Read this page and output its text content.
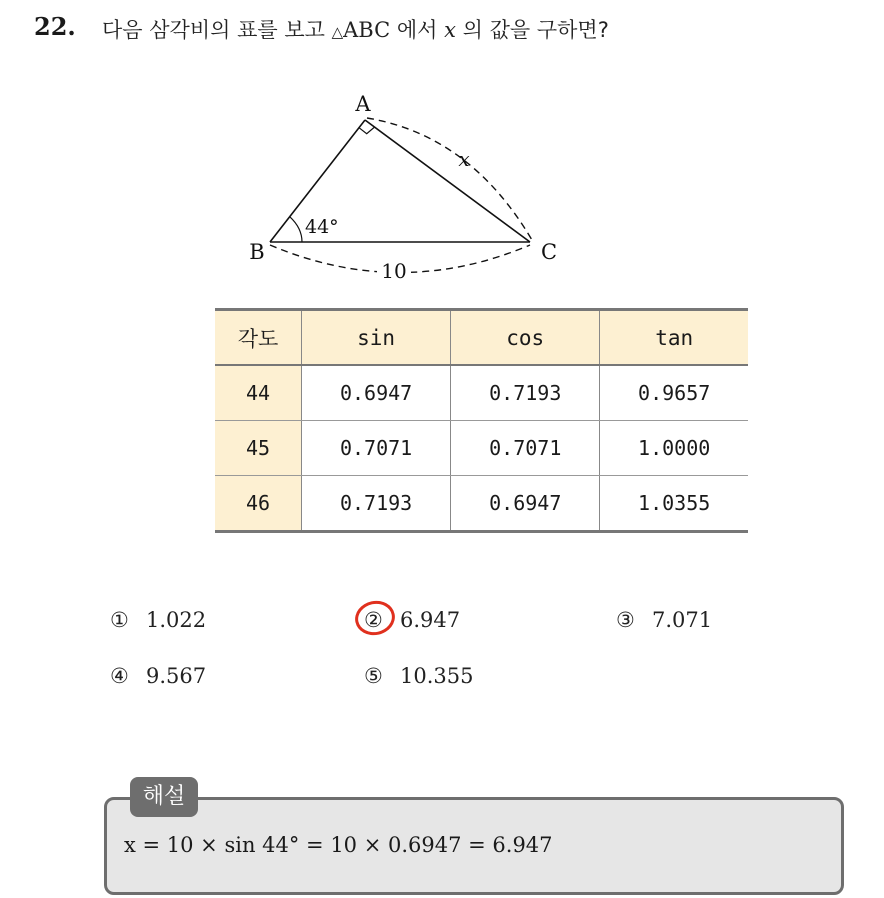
22. 다음 삼각비의 표를 보고 △ABC 에서 x 의 값을 구하면?
A
B	C
44°
x
10
각도	sin	cos	tan
44	0.6947	0.7193	0.9657
45	0.7071	0.7071	1.0000
46	0.7193	0.6947	1.0355
① 1.022	② 6.947	③ 7.071
④ 9.567	⑤ 10.355
해설
x = 10 × sin 44° = 10 × 0.6947 = 6.947
